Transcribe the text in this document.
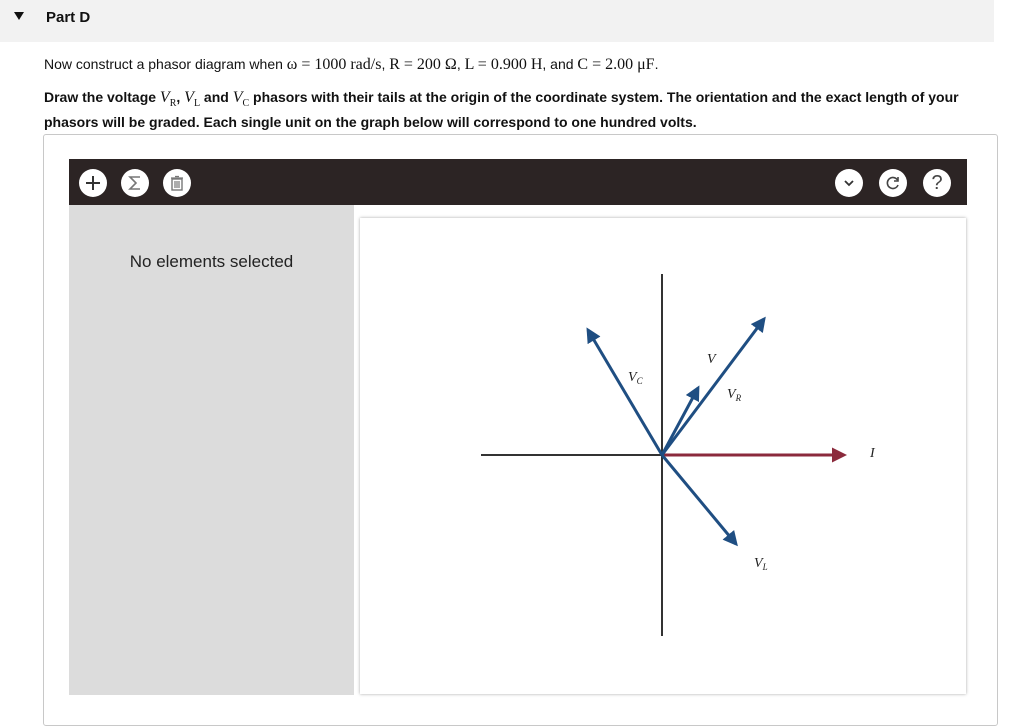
Part D
Now construct a phasor diagram when ω = 1000 rad/s, R = 200 Ω, L = 0.900 H, and C = 2.00 μF.
Draw the voltage $V_R$, $V_L$ and $V_C$ phasors with their tails at the origin of the coordinate system. The orientation and the exact length of your phasors will be graded. Each single unit on the graph below will correspond to one hundred volts.
?
No elements selected
V
VR
VC
VL
I
